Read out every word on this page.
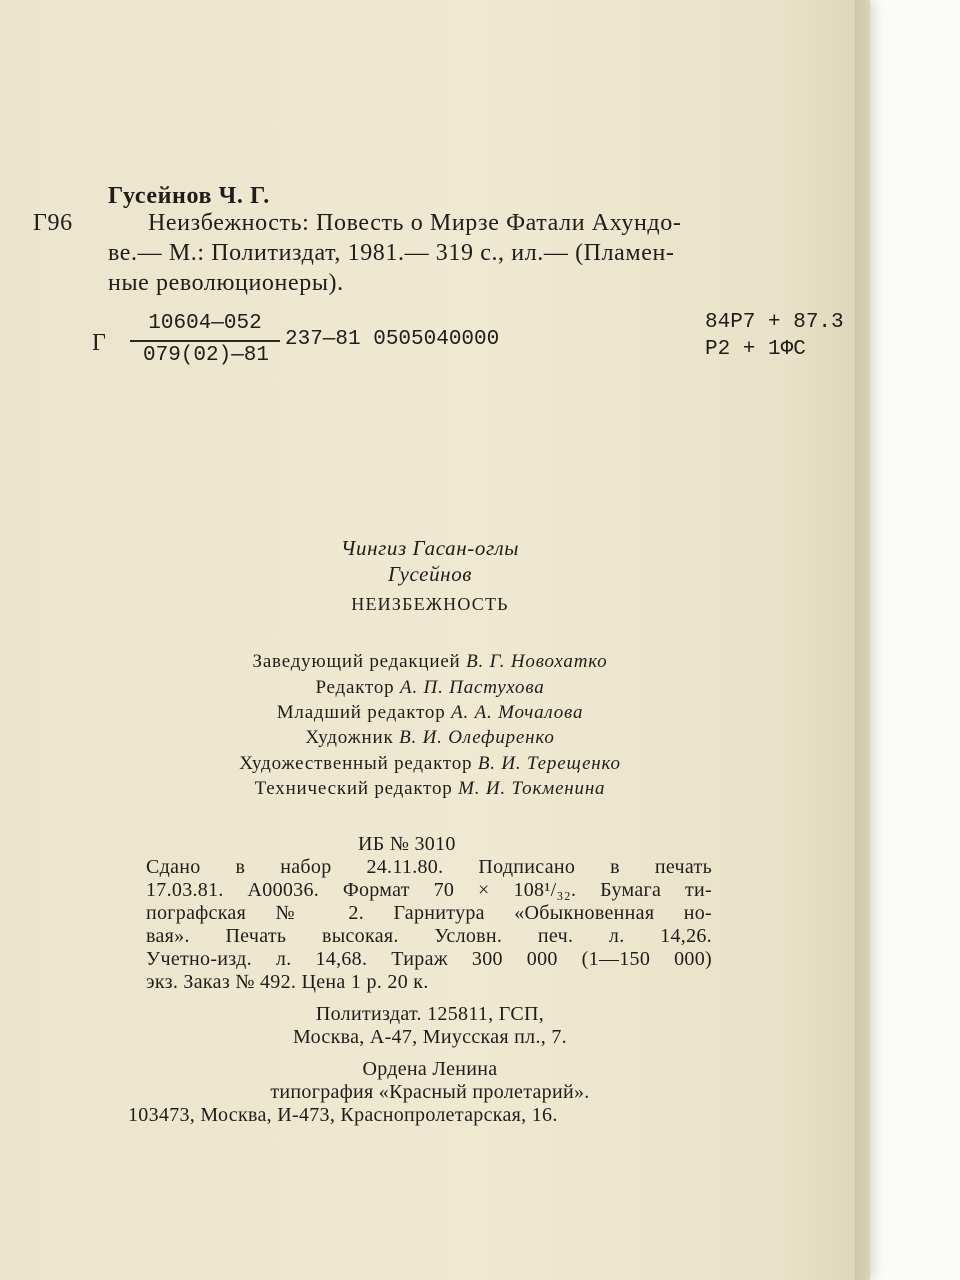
Гусейнов Ч. Г.
Г96	Неизбежность: Повесть о Мирзе Фатали Ахундо-
ве.— М.: Политиздат, 1981.— 319 с., ил.— (Пламен-
ные революционеры).
Г
10604—052
079(02)—81
237—81 0505040000
84Р7 + 87.3
Р2 + 1ФС
Чингиз Гасан-оглы
Гусейнов
НЕИЗБЕЖНОСТЬ
Заведующий редакцией В. Г. Новохатко
Редактор А. П. Пастухова
Младший редактор А. А. Мочалова
Художник В. И. Олефиренко
Художественный редактор В. И. Терещенко
Технический редактор М. И. Токменина
ИБ № 3010
Сдано в набор 24.11.80. Подписано в печать
17.03.81. А00036. Формат 70 × 108¹/₃₂. Бумага ти-
пографская № 2. Гарнитура «Обыкновенная но-
вая». Печать высокая. Условн. печ. л. 14,26.
Учетно-изд. л. 14,68. Тираж 300 000 (1—150 000)
экз. Заказ № 492. Цена 1 р. 20 к.
Политиздат. 125811, ГСП,
Москва, А-47, Миусская пл., 7.
Ордена Ленина
типография «Красный пролетарий».
103473, Москва, И-473, Краснопролетарская, 16.
